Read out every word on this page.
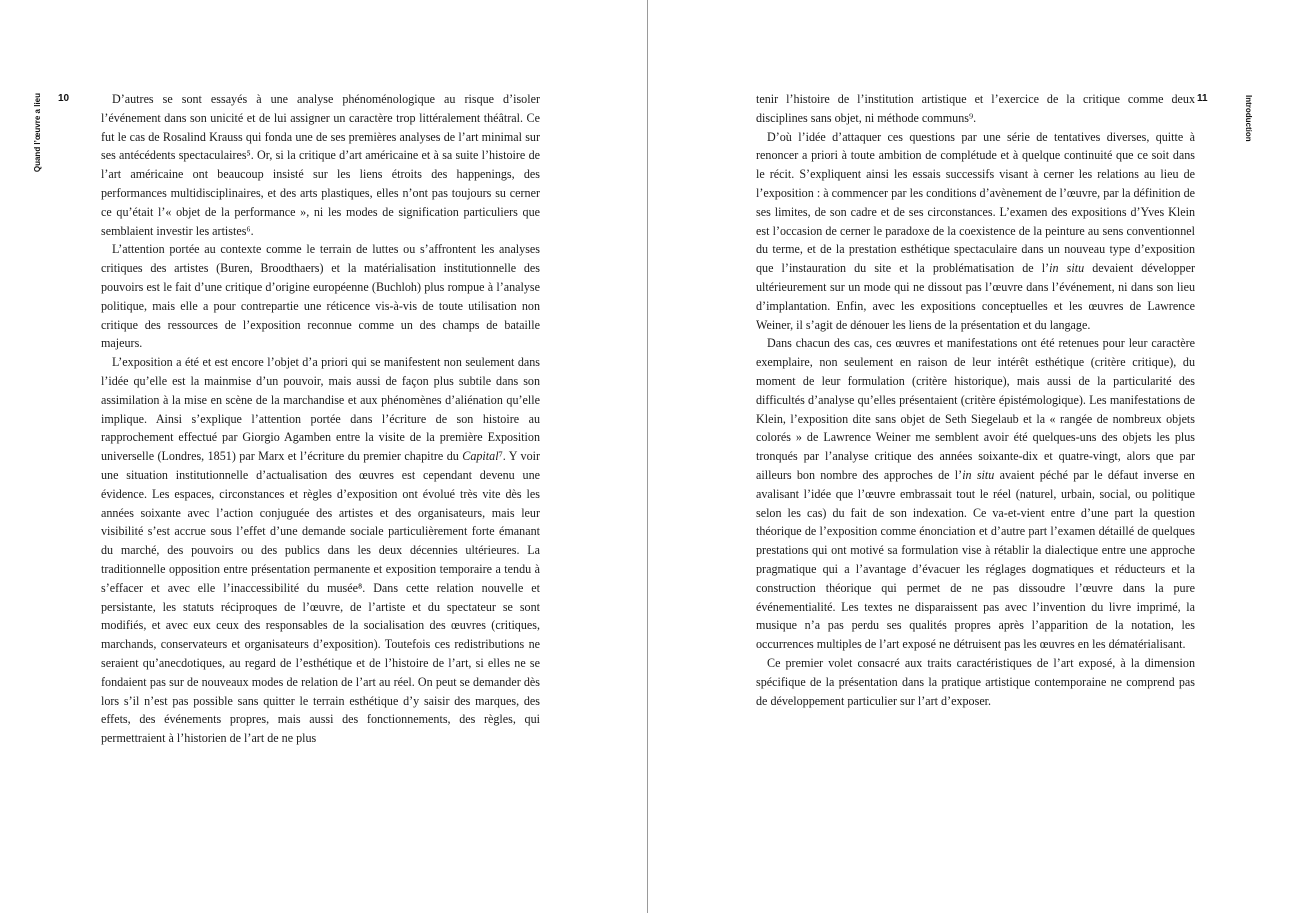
Quand l’œuvre a lieu 10	D’autres se sont essayés à une analyse phénoménologique au risque d’isoler l’événement dans son unicité et de lui assigner un caractère trop littéralement théâtral. Ce fut le cas de Rosalind Krauss qui fonda une de ses premières analyses de l’art minimal sur ses antécédents spectaculaires⁵. Or, si la critique d’art américaine et à sa suite l’histoire de l’art américaine ont beaucoup insisté sur les liens étroits des happenings, des performances multidisciplinaires, et des arts plastiques, elles n’ont pas toujours su cerner ce qu’était l’« objet de la performance », ni les modes de signification particuliers que semblaient investir les artistes⁶.

L’attention portée au contexte comme le terrain de luttes ou s’affrontent les analyses critiques des artistes (Buren, Broodthaers) et la matérialisation institutionnelle des pouvoirs est le fait d’une critique d’origine européenne (Buchloh) plus rompue à l’analyse politique, mais elle a pour contrepartie une réticence vis-à-vis de toute utilisation non critique des ressources de l’exposition reconnue comme un des champs de bataille majeurs.

L’exposition a été et est encore l’objet d’a priori qui se manifestent non seulement dans l’idée qu’elle est la mainmise d’un pouvoir, mais aussi de façon plus subtile dans son assimilation à la mise en scène de la marchandise et aux phénomènes d’aliénation qu’elle implique. Ainsi s’explique l’attention portée dans l’écriture de son histoire au rapprochement effectué par Giorgio Agamben entre la visite de la première Exposition universelle (Londres, 1851) par Marx et l’écriture du premier chapitre du Capital⁷. Y voir une situation institutionnelle d’actualisation des œuvres est cependant devenu une évidence. Les espaces, circonstances et règles d’exposition ont évolué très vite dès les années soixante avec l’action conjuguée des artistes et des organisateurs, mais leur visibilité s’est accrue sous l’effet d’une demande sociale particulièrement forte émanant du marché, des pouvoirs ou des publics dans les deux décennies ultérieures. La traditionnelle opposition entre présentation permanente et exposition temporaire a tendu à s’effacer et avec elle l’inaccessibilité du musée⁸. Dans cette relation nouvelle et persistante, les statuts réciproques de l’œuvre, de l’artiste et du spectateur se sont modifiés, et avec eux ceux des responsables de la socialisation des œuvres (critiques, marchands, conservateurs et organisateurs d’exposition). Toutefois ces redistributions ne seraient qu’anecdotiques, au regard de l’esthétique et de l’histoire de l’art, si elles ne se fondaient pas sur de nouveaux modes de relation de l’art au réel. On peut se demander dès lors s’il n’est pas possible sans quitter le terrain esthétique d’y saisir des marques, des effets, des événements propres, mais aussi des fonctionnements, des règles, qui permettraient à l’historien de l’art de ne plus

Introduction
11

tenir l’histoire de l’institution artistique et l’exercice de la critique comme deux disciplines sans objet, ni méthode communs⁹.

D’où l’idée d’attaquer ces questions par une série de tentatives diverses, quitte à renoncer a priori à toute ambition de complétude et à quelque continuité que ce soit dans le récit. S’expliquent ainsi les essais successifs visant à cerner les relations au lieu de l’exposition : à commencer par les conditions d’avènement de l’œuvre, par la définition de ses limites, de son cadre et de ses circonstances. L’examen des expositions d’Yves Klein est l’occasion de cerner le paradoxe de la coexistence de la peinture au sens conventionnel du terme, et de la prestation esthétique spectaculaire dans un nouveau type d’exposition que l’instauration du site et la problématisation de l’in situ devaient développer ultérieurement sur un mode qui ne dissout pas l’œuvre dans l’événement, ni dans son lieu d’implantation. Enfin, avec les expositions conceptuelles et les œuvres de Lawrence Weiner, il s’agit de dénouer les liens de la présentation et du langage.

Dans chacun des cas, ces œuvres et manifestations ont été retenues pour leur caractère exemplaire, non seulement en raison de leur intérêt esthétique (critère critique), du moment de leur formulation (critère historique), mais aussi de la particularité des difficultés d’analyse qu’elles présentaient (critère épistémologique). Les manifestations de Klein, l’exposition dite sans objet de Seth Siegelaub et la « rangée de nombreux objets colorés » de Lawrence Weiner me semblent avoir été quelques-uns des objets les plus tronqués par l’analyse critique des années soixante-dix et quatre-vingt, alors que par ailleurs bon nombre des approches de l’in situ avaient péché par le défaut inverse en avalisant l’idée que l’œuvre embrassait tout le réel (naturel, urbain, social, ou politique selon les cas) du fait de son indexation. Ce va-et-vient entre d’une part la question théorique de l’exposition comme énonciation et d’autre part l’examen détaillé de quelques prestations qui ont motivé sa formulation vise à rétablir la dialectique entre une approche pragmatique qui a l’avantage d’évacuer les réglages dogmatiques et réducteurs et la construction théorique qui permet de ne pas dissoudre l’œuvre dans la pure événementialité. Les textes ne disparaissent pas avec l’invention du livre imprimé, la musique n’a pas perdu ses qualités propres après l’apparition de la notation, les occurrences multiples de l’art exposé ne détruisent pas les œuvres en les dématérialisant.

Ce premier volet consacré aux traits caractéristiques de l’art exposé, à la dimension spécifique de la présentation dans la pratique artistique contemporaine ne comprend pas de développement particulier sur l’art d’exposer.
